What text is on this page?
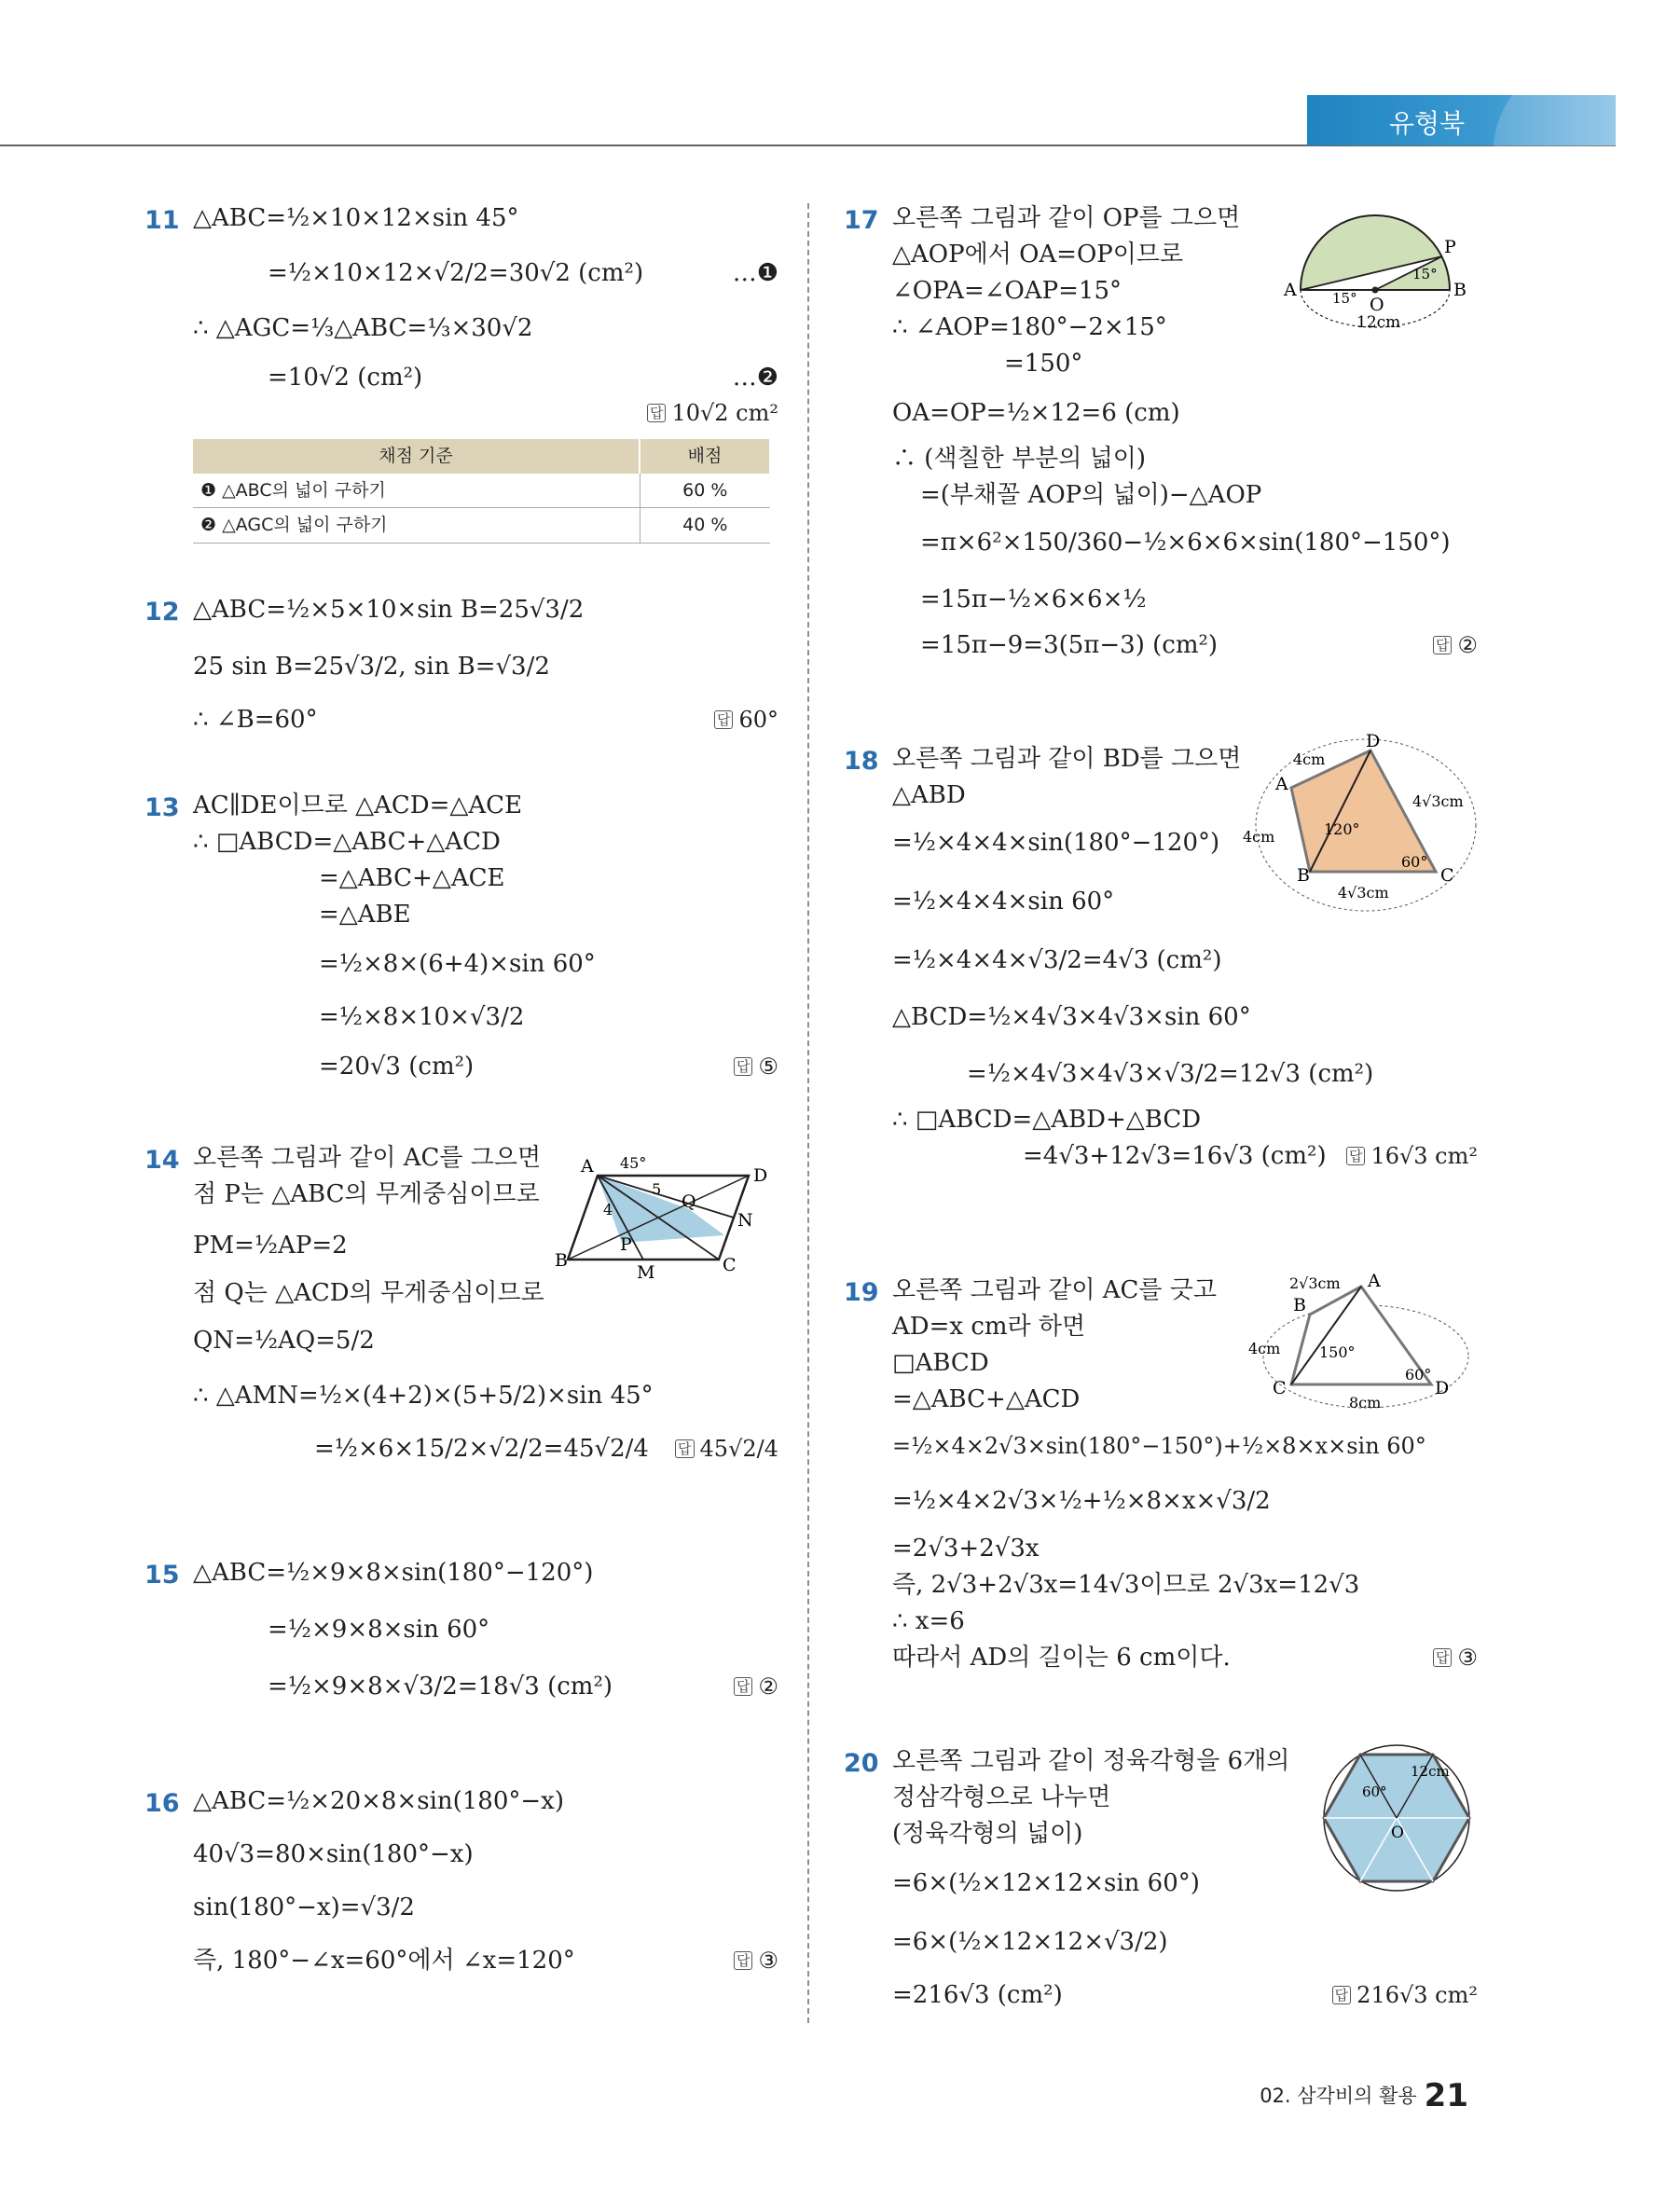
유형북
11 △ABC=½×10×12×sin 45°
=½×10×12×√2/2=30√2 (cm²)	…❶
∴ △AGC=⅓△ABC=⅓×30√2
=10√2 (cm²)	…❷
답 10√2 cm²
채점 기준	배점
❶ △ABC의 넓이 구하기	60 %
❷ △AGC의 넓이 구하기	40 %
12 △ABC=½×5×10×sin B=25√3/2
25 sin B=25√3/2, sin B=√3/2
∴ ∠B=60°	답 60°
13 AC∥DE이므로 △ACD=△ACE
∴ □ABCD=△ABC+△ACD
=△ABC+△ACE
=△ABE
=½×8×(6+4)×sin 60°
=½×8×10×√3/2
=20√3 (cm²)	답 ⑤
14 오른쪽 그림과 같이 AC를 그으면
점 P는 △ABC의 무게중심이므로
PM=½AP=2
점 Q는 △ACD의 무게중심이므로
QN=½AQ=5/2
∴ △AMN=½×(4+2)×(5+5/2)×sin 45°
=½×6×15/2×√2/2=45√2/4	답 45√2/4
A	D
B	C
M
N
P
Q
45°
5
4
15 △ABC=½×9×8×sin(180°−120°)
=½×9×8×sin 60°
=½×9×8×√3/2=18√3 (cm²)	답 ②
16 △ABC=½×20×8×sin(180°−x)
40√3=80×sin(180°−x)
sin(180°−x)=√3/2
즉, 180°−∠x=60°에서 ∠x=120°	답 ③
17 오른쪽 그림과 같이 OP를 그으면
△AOP에서 OA=OP이므로
∠OPA=∠OAP=15°
∴ ∠AOP=180°−2×15°
=150°
OA=OP=½×12=6 (cm)
∴ (색칠한 부분의 넓이)
=(부채꼴 AOP의 넓이)−△AOP
=π×6²×150/360−½×6×6×sin(180°−150°)
=15π−½×6×6×½
=15π−9=3(5π−3) (cm²)	답 ②
A	B
O
P
15°
15°
12cm
18 오른쪽 그림과 같이 BD를 그으면
△ABD
=½×4×4×sin(180°−120°)
=½×4×4×sin 60°
=½×4×4×√3/2=4√3 (cm²)
△BCD=½×4√3×4√3×sin 60°
=½×4√3×4√3×√3/2=12√3 (cm²)
∴ □ABCD=△ABD+△BCD
=4√3+12√3=16√3 (cm²)	답 16√3 cm²
A
B	C
D
4cm
4cm
4√3cm
4√3cm
120°
60°
19 오른쪽 그림과 같이 AC를 긋고
AD=x cm라 하면
□ABCD
=△ABC+△ACD
=½×4×2√3×sin(180°−150°)+½×8×x×sin 60°
=½×4×2√3×½+½×8×x×√3/2
=2√3+2√3x
즉, 2√3+2√3x=14√3이므로 2√3x=12√3
∴ x=6
따라서 AD의 길이는 6 cm이다.	답 ③
A
B
C	D
2√3cm
4cm
8cm
150°
60°
20 오른쪽 그림과 같이 정육각형을 6개의
정삼각형으로 나누면
(정육각형의 넓이)
=6×(½×12×12×sin 60°)
=6×(½×12×12×√3/2)
=216√3 (cm²)	답 216√3 cm²
O
60°
12cm
02. 삼각비의 활용 21
